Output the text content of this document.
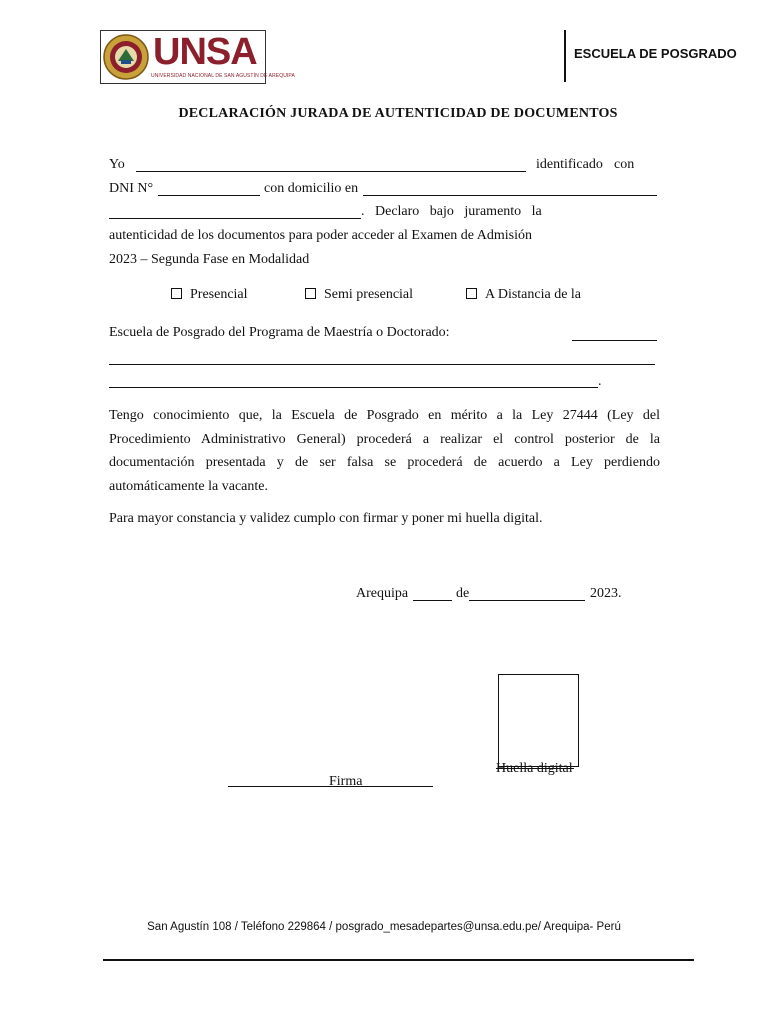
UNSA
UNIVERSIDAD NACIONAL DE SAN AGUSTÍN DE AREQUIPA
ESCUELA DE POSGRADO
DECLARACIÓN JURADA DE AUTENTICIDAD DE DOCUMENTOS
Yo	identificado con
DNI N°	con domicilio en
.   Declaro   bajo   juramento   la
autenticidad de los documentos para poder acceder al Examen de Admisión
2023 – Segunda Fase en Modalidad
Presencial	Semi presencial	A Distancia de la
Escuela de Posgrado del Programa de Maestría o Doctorado:
.
Tengo conocimiento que, la Escuela de Posgrado en mérito a la Ley 27444 (Ley del Procedimiento Administrativo General) procederá a realizar el control posterior de la documentación presentada y de ser falsa se procederá de acuerdo a Ley perdiendo automáticamente la vacante.
Para mayor constancia y validez cumplo con firmar y poner mi huella digital.
Arequipa	de	2023.
Huella digital
Firma
San Agustín 108 / Teléfono 229864 / posgrado_mesadepartes@unsa.edu.pe/ Arequipa- Perú
